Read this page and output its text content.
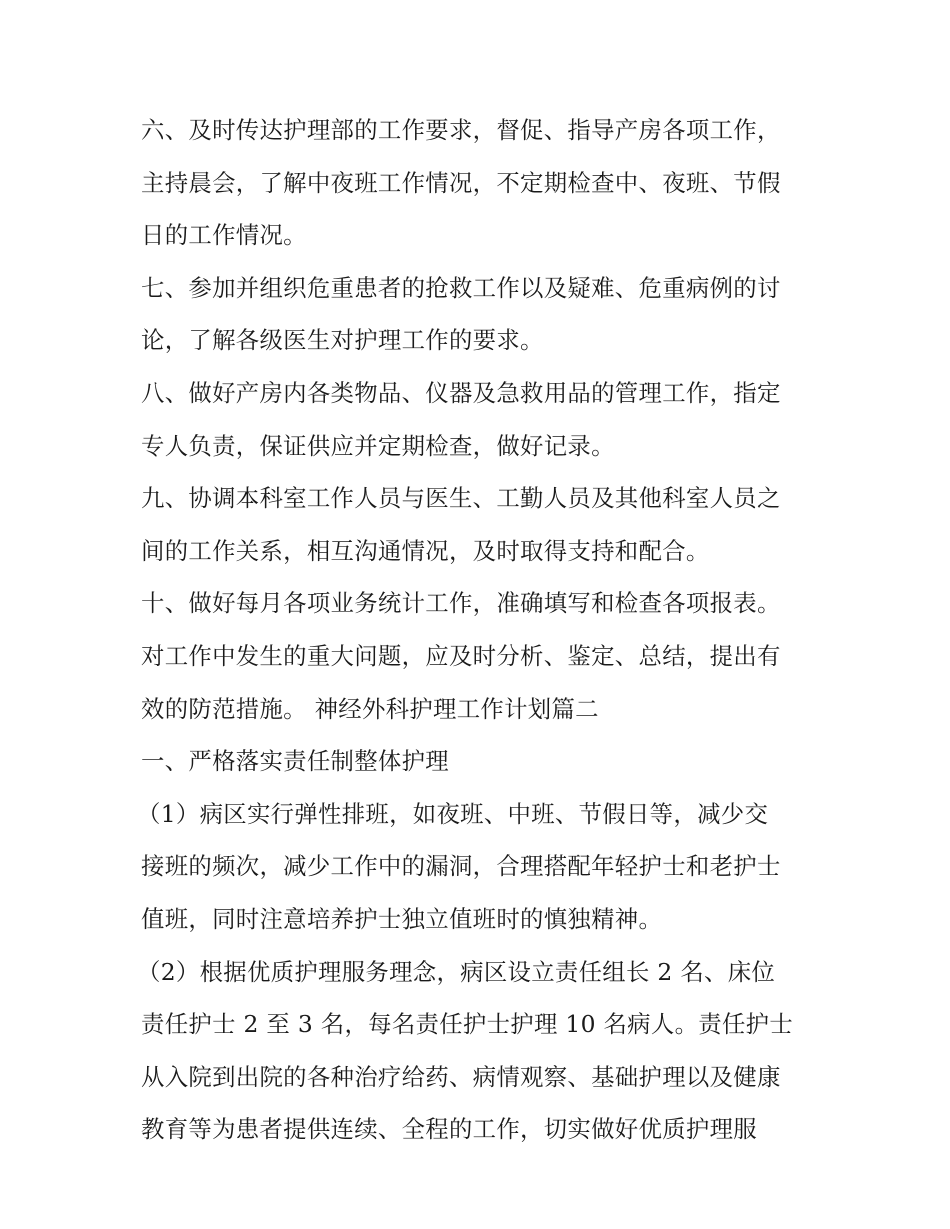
六、及时传达护理部的工作要求，督促、指导产房各项工作，
主持晨会，了解中夜班工作情况，不定期检查中、夜班、节假
日的工作情况。
七、参加并组织危重患者的抢救工作以及疑难、危重病例的讨
论，了解各级医生对护理工作的要求。
八、做好产房内各类物品、仪器及急救用品的管理工作，指定
专人负责，保证供应并定期检查，做好记录。
九、协调本科室工作人员与医生、工勤人员及其他科室人员之
间的工作关系，相互沟通情况，及时取得支持和配合。
十、做好每月各项业务统计工作，准确填写和检查各项报表。
对工作中发生的重大问题，应及时分析、鉴定、总结，提出有
效的防范措施。 神经外科护理工作计划篇二
一、严格落实责任制整体护理
（1）病区实行弹性排班，如夜班、中班、节假日等，减少交
接班的频次，减少工作中的漏洞，合理搭配年轻护士和老护士
值班，同时注意培养护士独立值班时的慎独精神。
（2）根据优质护理服务理念，病区设立责任组长 2 名、床位
责任护士 2 至 3 名，每名责任护士护理 10 名病人。责任护士
从入院到出院的各种治疗给药、病情观察、基础护理以及健康
教育等为患者提供连续、全程的工作，切实做好优质护理服
